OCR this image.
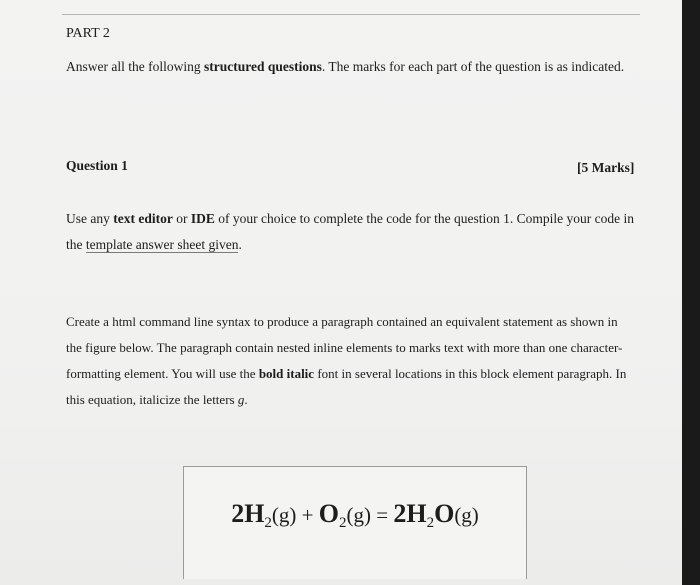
PART 2
Answer all the following structured questions. The marks for each part of the question is as indicated.
Question 1	[5 Marks]
Use any text editor or IDE of your choice to complete the code for the question 1. Compile your code in the template answer sheet given.
Create a html command line syntax to produce a paragraph contained an equivalent statement as shown in the figure below. The paragraph contain nested inline elements to marks text with more than one character-formatting element. You will use the bold italic font in several locations in this block element paragraph. In this equation, italicize the letters g.
$2H_2(g) + O_2(g) = 2H_2O(g)$
